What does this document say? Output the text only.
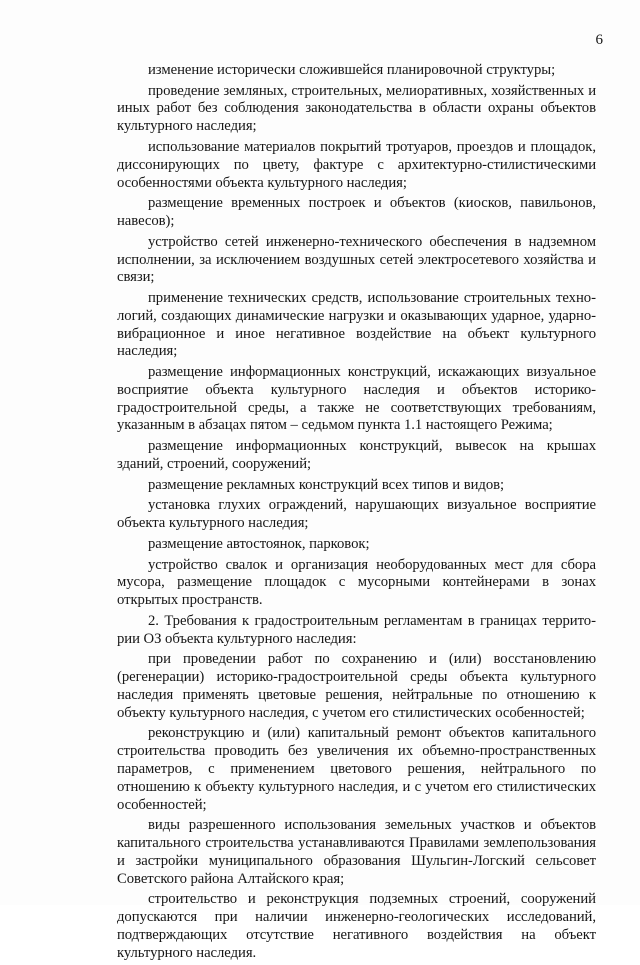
6

изменение исторически сложившейся планировочной структуры;

проведение земляных, строительных, мелиоративных, хозяйственных и иных работ без соблюдения законодательства в области охраны объектов культурного наследия;

использование материалов покрытий тротуаров, проездов и площадок, диссонирующих по цвету, фактуре с архитектурно-стилистическими особенностями объекта культурного наследия;

размещение временных построек и объектов (киосков, павильонов, навесов);

устройство сетей инженерно-технического обеспечения в надземном исполнении, за исключением воздушных сетей электросетевого хозяйства и связи;

применение технических средств, использование строительных технологий, создающих динамические нагрузки и оказывающих ударное, ударно-вибрационное и иное негативное воздействие на объект культурного наследия;

размещение информационных конструкций, искажающих визуальное восприятие объекта культурного наследия и объектов историко-градостроительной среды, а также не соответствующих требованиям, указанным в абзацах пятом – седьмом пункта 1.1 настоящего Режима;

размещение информационных конструкций, вывесок на крышах зданий, строений, сооружений;

размещение рекламных конструкций всех типов и видов;

установка глухих ограждений, нарушающих визуальное восприятие объекта культурного наследия;

размещение автостоянок, парковок;

устройство свалок и организация необорудованных мест для сбора мусора, размещение площадок с мусорными контейнерами в зонах открытых пространств.

2. Требования к градостроительным регламентам в границах территории ОЗ объекта культурного наследия:

при проведении работ по сохранению и (или) восстановлению (регенерации) историко-градостроительной среды объекта культурного наследия применять цветовые решения, нейтральные по отношению к объекту культурного наследия, с учетом его стилистических особенностей;

реконструкцию и (или) капитальный ремонт объектов капитального строительства проводить без увеличения их объемно-пространственных параметров, с применением цветового решения, нейтрального по отношению к объекту культурного наследия, и с учетом его стилистических особенностей;

виды разрешенного использования земельных участков и объектов капитального строительства устанавливаются Правилами землепользования и застройки муниципального образования Шульгин-Логский сельсовет Советского района Алтайского края;

строительство и реконструкция подземных строений, сооружений допускаются при наличии инженерно-геологических исследований, подтверждающих отсутствие негативного воздействия на объект культурного наследия.
